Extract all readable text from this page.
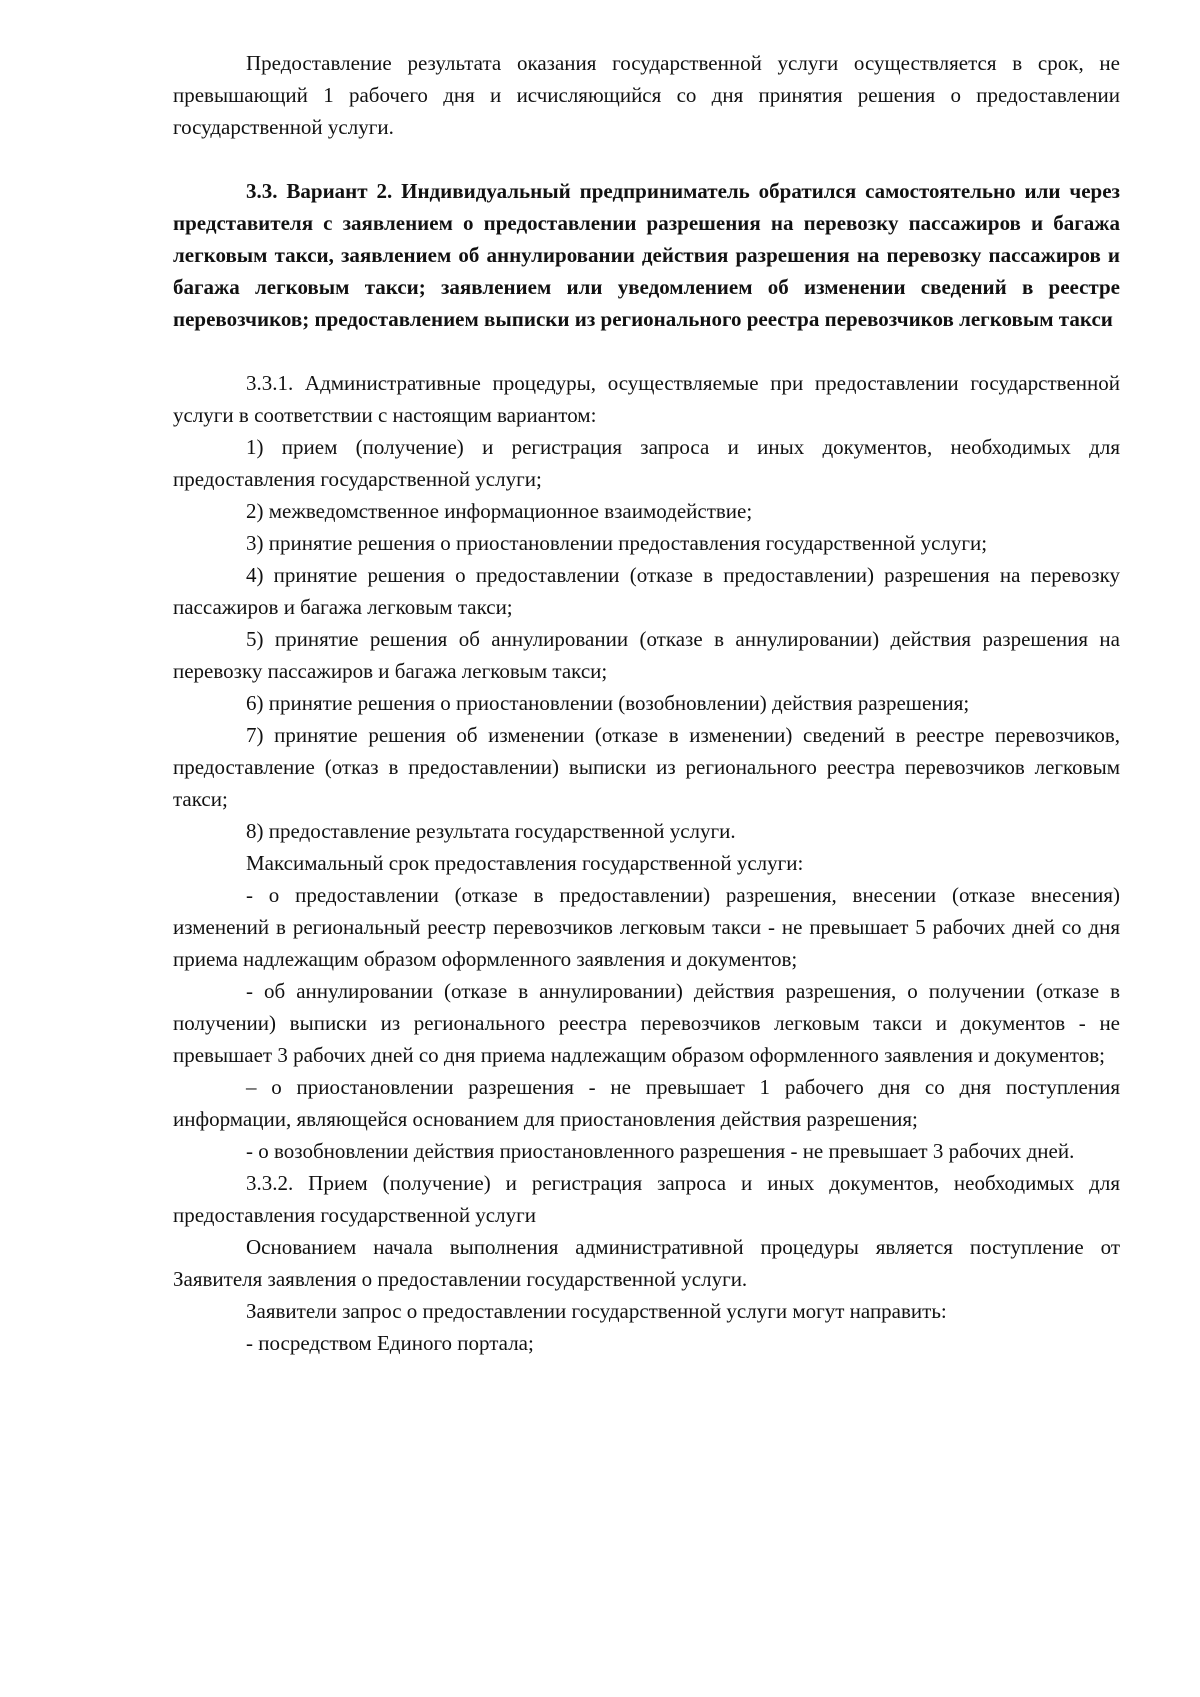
Предоставление результата оказания государственной услуги осуществляется в срок, не превышающий 1 рабочего дня и исчисляющийся со дня принятия решения о предоставлении государственной услуги.

3.3. Вариант 2. Индивидуальный предприниматель обратился самостоятельно или через представителя с заявлением о предоставлении разрешения на перевозку пассажиров и багажа легковым такси, заявлением об аннулировании действия разрешения на перевозку пассажиров и багажа легковым такси; заявлением или уведомлением об изменении сведений в реестре перевозчиков; предоставлением выписки из регионального реестра перевозчиков легковым такси

3.3.1. Административные процедуры, осуществляемые при предоставлении государственной услуги в соответствии с настоящим вариантом:

1) прием (получение) и регистрация запроса и иных документов, необходимых для предоставления государственной услуги;

2) межведомственное информационное взаимодействие;

3) принятие решения о приостановлении предоставления государственной услуги;

4) принятие решения о предоставлении (отказе в предоставлении) разрешения на перевозку пассажиров и багажа легковым такси;

5) принятие решения об аннулировании (отказе в аннулировании) действия разрешения на перевозку пассажиров и багажа легковым такси;

6) принятие решения о приостановлении (возобновлении) действия разрешения;

7) принятие решения об изменении (отказе в изменении) сведений в реестре перевозчиков, предоставление (отказ в предоставлении) выписки из регионального реестра перевозчиков легковым такси;

8) предоставление результата государственной услуги.

Максимальный срок предоставления государственной услуги:

- о предоставлении (отказе в предоставлении) разрешения, внесении (отказе внесения) изменений в региональный реестр перевозчиков легковым такси - не превышает 5 рабочих дней со дня приема надлежащим образом оформленного заявления и документов;

- об аннулировании (отказе в аннулировании) действия разрешения, о получении (отказе в получении) выписки из регионального реестра перевозчиков легковым такси и документов - не превышает 3 рабочих дней со дня приема надлежащим образом оформленного заявления и документов;

– о приостановлении разрешения - не превышает 1 рабочего дня со дня поступления информации, являющейся основанием для приостановления действия разрешения;

- о возобновлении действия приостановленного разрешения - не превышает 3 рабочих дней.

3.3.2. Прием (получение) и регистрация запроса и иных документов, необходимых для предоставления государственной услуги

Основанием начала выполнения административной процедуры является поступление от Заявителя заявления о предоставлении государственной услуги.

Заявители запрос о предоставлении государственной услуги могут направить:

- посредством Единого портала;
